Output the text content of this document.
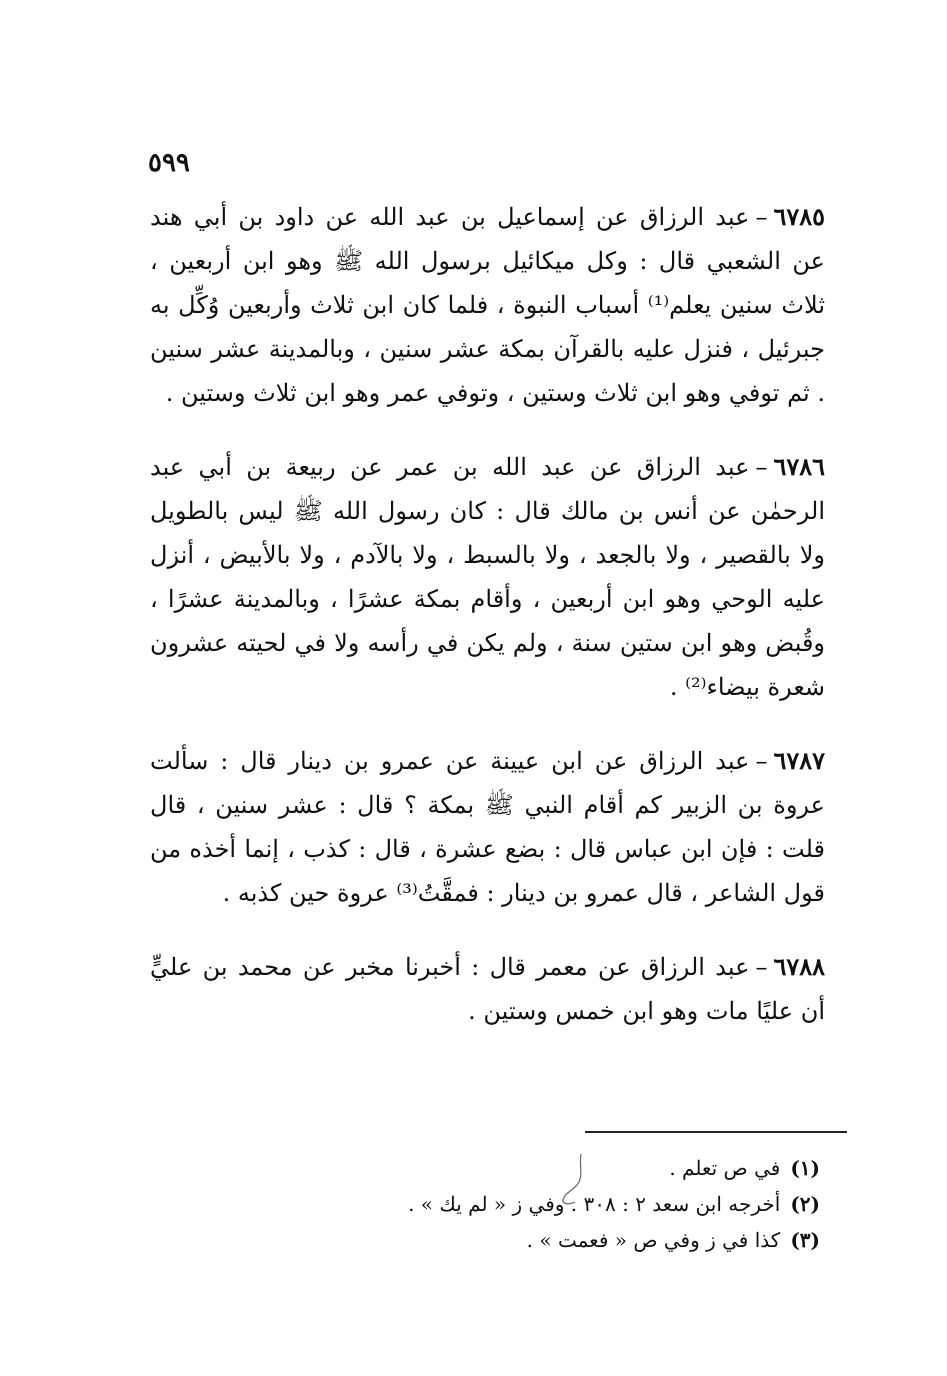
٥٩٩

٦٧٨٥–عبد الرزاق عن إسماعيل بن عبد الله عن داود بن أبي هند عن الشعبي قال : وكل ميكائيل برسول الله ﷺ وهو ابن أربعين ، ثلاث سنين يعلم⁽¹⁾ أسباب النبوة ، فلما كان ابن ثلاث وأربعين وُكِّل به جبرئيل ، فنزل عليه بالقرآن بمكة عشر سنين ، وبالمدينة عشر سنين . ثم توفي وهو ابن ثلاث وستين ، وتوفي عمر وهو ابن ثلاث وستين .

٦٧٨٦–عبد الرزاق عن عبد الله بن عمر عن ربيعة بن أبي عبد الرحمٰن عن أنس بن مالك قال : كان رسول الله ﷺ ليس بالطويل ولا بالقصير ، ولا بالجعد ، ولا بالسبط ، ولا بالآدم ، ولا بالأبيض ، أنزل عليه الوحي وهو ابن أربعين ، وأقام بمكة عشرًا ، وبالمدينة عشرًا ، وقُبض وهو ابن ستين سنة ، ولم يكن في رأسه ولا في لحيته عشرون شعرة بيضاء⁽²⁾ .

٦٧٨٧–عبد الرزاق عن ابن عيينة عن عمرو بن دينار قال : سألت عروة بن الزبير كم أقام النبي ﷺ بمكة ؟ قال : عشر سنين ، قال قلت : فإن ابن عباس قال : بضع عشرة ، قال : كذب ، إنما أخذه من قول الشاعر ، قال عمرو بن دينار : فمقَّتُ⁽³⁾ عروة حين كذبه .

٦٧٨٨–عبد الرزاق عن معمر قال : أخبرنا مخبر عن محمد بن عليٍّ أن عليًا مات وهو ابن خمس وستين .

(١)في ص تعلم .
(٢)أخرجه ابن سعد ٢ : ٣٠٨ . وفي ز « لم يك » .
(٣)كذا في ز وفي ص « فعمت » .
